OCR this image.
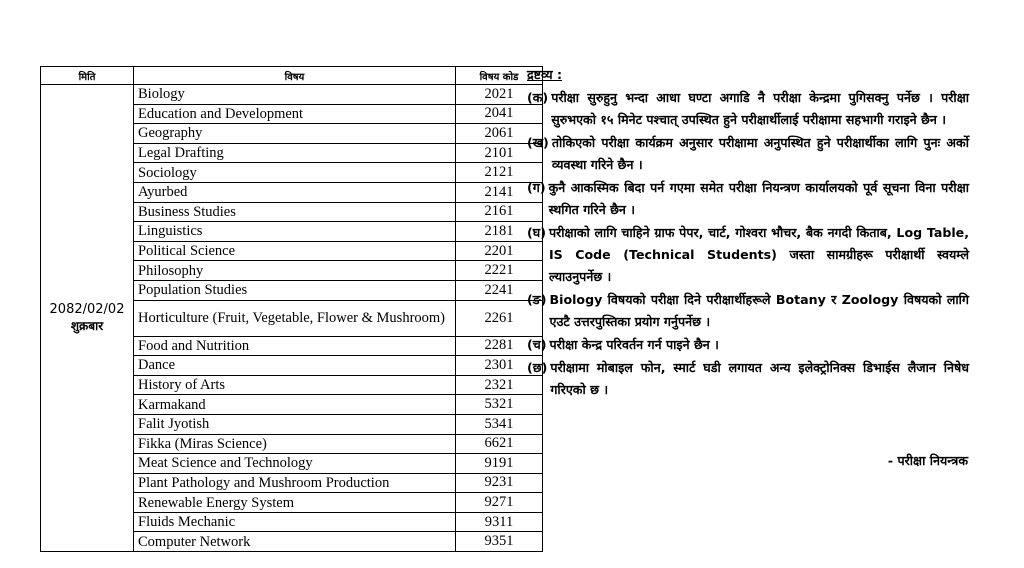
मिति	विषय	विषय कोड

2082/02/02
शुक्रबार	Biology	2021
	Education and Development	2041
	Geography	2061
	Legal Drafting	2101
	Sociology	2121
	Ayurbed	2141
	Business Studies	2161
	Linguistics	2181
	Political Science	2201
	Philosophy	2221
	Population Studies	2241
	Horticulture (Fruit, Vegetable, Flower & Mushroom)	2261
	Food and Nutrition	2281
	Dance	2301
	History of Arts	2321
	Karmakand	5321
	Falit Jyotish	5341
	Fikka (Miras Science)	6621
	Meat Science and Technology	9191
	Plant Pathology and Mushroom Production	9231
	Renewable Energy System	9271
	Fluids Mechanic	9311
	Computer Network	9351
द्रष्टव्य :
(क) परीक्षा सुरुहुनु भन्दा आधा घण्टा अगाडि नै परीक्षा केन्द्रमा पुगिसक्नु पर्नेछ । परीक्षा सुरुभएको १५ मिनेट पश्चात् उपस्थित हुने परीक्षार्थीलाई परीक्षामा सहभागी गराइने छैन ।
(ख) तोकिएको परीक्षा कार्यक्रम अनुसार परीक्षामा अनुपस्थित हुने परीक्षार्थीका लागि पुनः अर्को व्यवस्था गरिने छैन ।
(ग) कुनै आकस्मिक बिदा पर्न गएमा समेत परीक्षा नियन्त्रण कार्यालयको पूर्व सूचना विना परीक्षा स्थगित गरिने छैन ।
(घ) परीक्षाको लागि चाहिने ग्राफ पेपर, चार्ट, गोश्वरा भौचर, बैक नगदी किताब, Log Table, IS Code (Technical Students) जस्ता सामग्रीहरू परीक्षार्थी स्वयम्ले ल्याउनुपर्नेछ ।
(ङ) Biology विषयको परीक्षा दिने परीक्षार्थीहरूले Botany र Zoology विषयको लागि एउटै उत्तरपुस्तिका प्रयोग गर्नुपर्नेछ ।
(च) परीक्षा केन्द्र परिवर्तन गर्न पाइने छैन ।
(छ) परीक्षामा मोबाइल फोन, स्मार्ट घडी लगायत अन्य इलेक्ट्रोनिक्स डिभाईस लैजान निषेध गरिएको छ ।
- परीक्षा नियन्त्रक
